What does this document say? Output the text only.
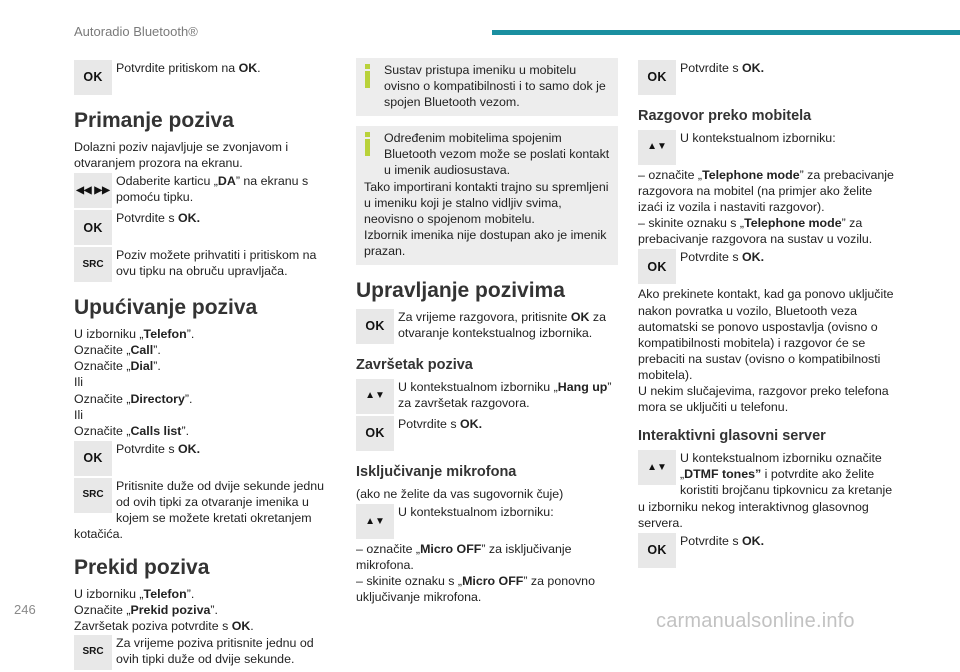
Autoradio Bluetooth®
OK
Potvrdite pritiskom na OK.
Primanje poziva

Dolazni poziv najavljuje se zvonjavom i otvaranjem prozora na ekranu.

◀◀ ▶▶
Odaberite karticu „DA” na ekranu s pomoću tipku.
OK
Potvrdite s OK.
SRC
Poziv možete prihvatiti i pritiskom na ovu tipku na obruču upravljača.
Upućivanje poziva

U izborniku „Telefon”.

Označite „Call”.

Označite „Dial”.

Ili

Označite „Directory”.

Ili

Označite „Calls list”.

OK
Potvrdite s OK.
SRC
Pritisnite duže od dvije sekunde jednu od ovih tipki za otvaranje imenika u kojem se možete kretati okretanjem kotačića.
Prekid poziva

U izborniku „Telefon”.

Označite „Prekid poziva”.

Završetak poziva potvrdite s OK.

SRC
Za vrijeme poziva pritisnite jednu od ovih tipki duže od dvije sekunde.
Sustav pristupa imeniku u mobitelu ovisno o kompatibilnosti i to samo dok je spojen Bluetooth vezom.

Određenim mobitelima spojenim Bluetooth vezom može se poslati kontakt u imenik audiosustava.

Tako importirani kontakti trajno su spremljeni u imeniku koji je stalno vidljiv svima, neovisno o spojenom mobitelu.

Izbornik imenika nije dostupan ako je imenik prazan.

Upravljanje pozivima
OK
Za vrijeme razgovora, pritisnite OK za otvaranje kontekstualnog izbornika.
Završetak poziva
▲▼
U kontekstualnom izborniku „Hang up” za završetak razgovora.
OK
Potvrdite s OK.
Isključivanje mikrofona

(ako ne želite da vas sugovornik čuje)

▲▼
U kontekstualnom izborniku:

– označite „Micro OFF” za isključivanje mikrofona.

– skinite oznaku s „Micro OFF” za ponovno uključivanje mikrofona.

OK
Potvrdite s OK.
Razgovor preko mobitela
▲▼
U kontekstualnom izborniku:

– označite „Telephone mode” za prebacivanje razgovora na mobitel (na primjer ako želite izaći iz vozila i nastaviti razgovor).

– skinite oznaku s „Telephone mode” za prebacivanje razgovora na sustav u vozilu.

OK
Potvrdite s OK.

Ako prekinete kontakt, kad ga ponovo uključite nakon povratka u vozilo, Bluetooth veza automatski se ponovo uspostavlja (ovisno o kompatibilnosti mobitela) i razgovor će se prebaciti na sustav (ovisno o kompatibilnosti mobitela).

U nekim slučajevima, razgovor preko telefona mora se uključiti u telefonu.

Interaktivni glasovni server
▲▼
U kontekstualnom izborniku označite „DTMF tones” i potvrdite ako želite koristiti brojčanu tipkovnicu za kretanje u izborniku nekog interaktivnog glasovnog servera.
OK
Potvrdite s OK.
246
carmanualsonline.info
